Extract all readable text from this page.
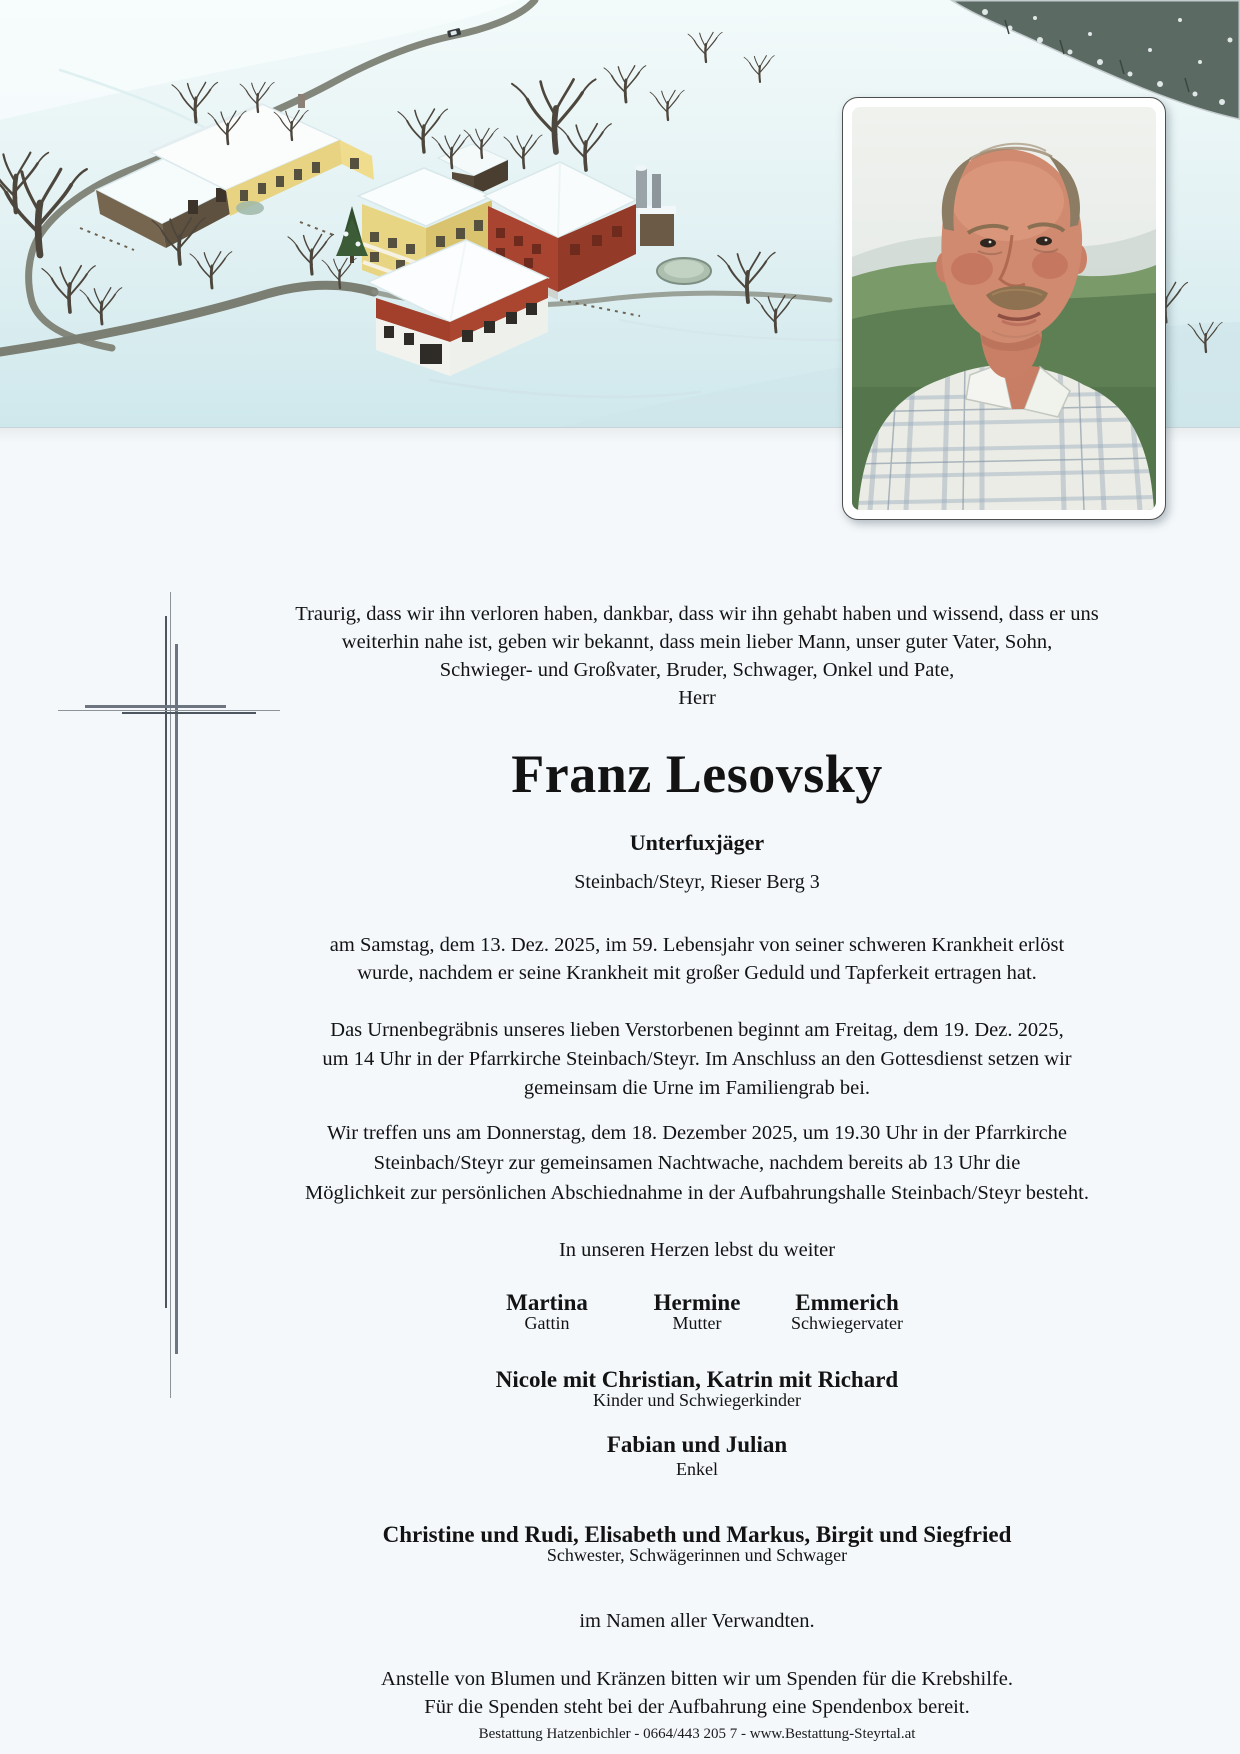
Traurig, dass wir ihn verloren haben, dankbar, dass wir ihn gehabt haben und wissend, dass er uns
weiterhin nahe ist, geben wir bekannt, dass mein lieber Mann, unser guter Vater, Sohn,
Schwieger- und Großvater, Bruder, Schwager, Onkel und Pate,
Herr
Franz Lesovsky
Unterfuxjäger
Steinbach/Steyr, Rieser Berg 3
am Samstag, dem 13. Dez. 2025, im 59. Lebensjahr von seiner schweren Krankheit erlöst
wurde, nachdem er seine Krankheit mit großer Geduld und Tapferkeit ertragen hat.
Das Urnenbegräbnis unseres lieben Verstorbenen beginnt am Freitag, dem 19. Dez. 2025,
um 14 Uhr in der Pfarrkirche Steinbach/Steyr. Im Anschluss an den Gottesdienst setzen wir
gemeinsam die Urne im Familiengrab bei.
Wir treffen uns am Donnerstag, dem 18. Dezember 2025, um 19.30 Uhr in der Pfarrkirche
Steinbach/Steyr zur gemeinsamen Nachtwache, nachdem bereits ab 13 Uhr die
Möglichkeit zur persönlichen Abschiednahme in der Aufbahrungshalle Steinbach/Steyr besteht.
In unseren Herzen lebst du weiter
Martina
Gattin
Hermine
Mutter
Emmerich
Schwiegervater
Nicole mit Christian, Katrin mit Richard
Kinder und Schwiegerkinder
Fabian und Julian
Enkel
Christine und Rudi, Elisabeth und Markus, Birgit und Siegfried
Schwester, Schwägerinnen und Schwager
im Namen aller Verwandten.
Anstelle von Blumen und Kränzen bitten wir um Spenden für die Krebshilfe.
Für die Spenden steht bei der Aufbahrung eine Spendenbox bereit.
Bestattung Hatzenbichler - 0664/443 205 7 - www.Bestattung-Steyrtal.at
